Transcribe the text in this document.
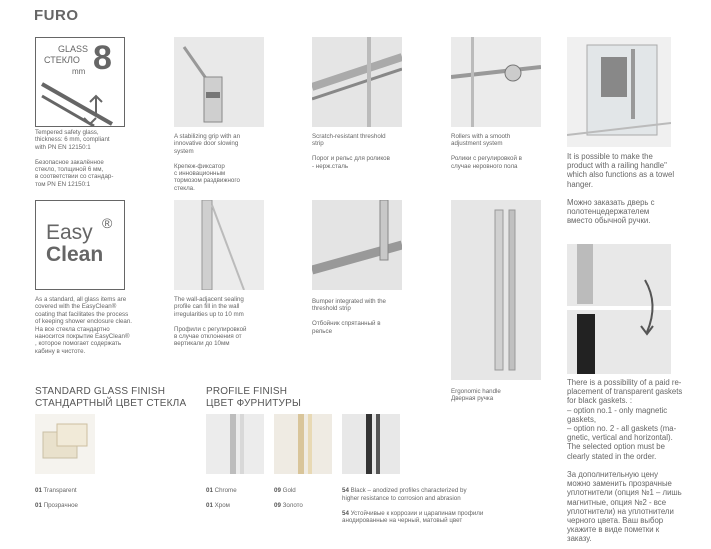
FURO
GLASS
СТЕКЛО
mm 8
Tempered safety glass,
thickness: 6 mm, compliant
with PN EN 12150:1

Безопасное закалённое
стекло, толщиной 6 мм,
в соответствии со стандар-
том PN EN 12150:1
A stabilizing grip with an
innovative door slowing
system

Крепеж-фиксатор
с инновационным
тормозом раздвижного
стекла.
Scratch-resistant threshold
strip

Порог и рельс для роликов
- нерж.сталь
Rollers with a smooth
adjustment system

Ролики с регулировкой в
случае неровного пола
It is possible to make the
product with a railing handle"
which also functions as a towel
hanger.

Можно заказать дверь с
полотенцедержателем
вместо обычной ручки.
Easy
Clean
®
As a standard, all glass items are
covered with the EasyClean®
coating that facilitates the process
of keeping shower enclosure clean.
На все стекла стандартно
наносится покрытие EasyClean®
, которое помогает содержать
кабину в чистоте.
The wall-adjacent sealing
profile can fill in the wall
irregularities up to 10 mm

Профили с регулировкой
в случае отклонения от
вертикали до 10мм
Bumper integrated with the
threshold strip

Отбойник спрятанный в
рельсе
Ergonomic handle
Дверная ручка
There is a possibility of a paid re-
placement of transparent gaskets
for black gaskets. :
– option no.1 - only magnetic
gaskets,
– option no. 2 - all gaskets (ma-
gnetic, vertical and horizontal).
The selected option must be
clearly stated in the order.

За дополнительную цену
можно заменить прозрачные
уплотнители (опция №1 – лишь
магнитные, опция №2 - все
уплотнители) на уплотнители
черного цвета. Ваш выбор
укажите в виде пометки к
заказу.
STANDARD GLASS FINISH
СТАНДАРТНЫЙ ЦВЕТ СТЕКЛА

01 Transparent

01 Прозрачное

PROFILE FINISH
ЦВЕТ ФУРНИТУРЫ

01 Chrome

01 Хром

09 Gold

09 Золото

54 Black – anodized profiles characterized by
higher resistance to corrosion and abrasion

54 Устойчивые к коррозии и царапинам профили
анодированные на черный, матовый цвет
